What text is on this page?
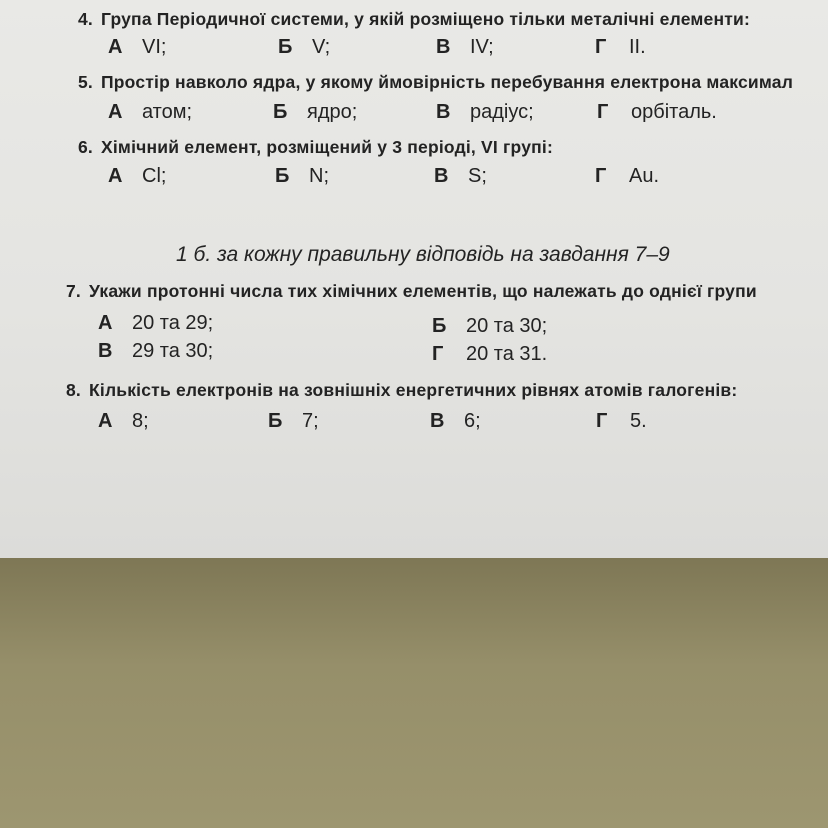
4. Група Періодичної системи, у якій розміщено тільки металічні елементи:
А VI;	Б V;	В IV;	Г II.
5. Простір навколо ядра, у якому ймовірність перебування електрона максимал
А атом;	Б ядро;	В радіус;	Г орбіталь.
6. Хімічний елемент, розміщений у 3 періоді, VI групі:
А Cl;	Б N;	В S;	Г Au.
1 б. за кожну правильну відповідь на завдання 7–9
7. Укажи протонні числа тих хімічних елементів, що належать до однієї групи
А 20 та 29;	Б 20 та 30;
В 29 та 30;	Г 20 та 31.
8. Кількість електронів на зовнішніх енергетичних рівнях атомів галогенів:
А 8;	Б 7;	В 6;	Г 5.
